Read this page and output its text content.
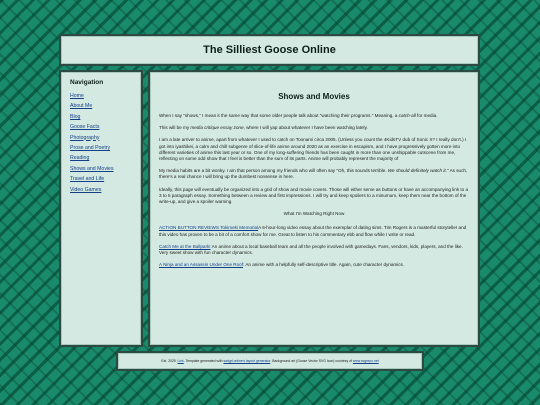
The Silliest Goose Online
Navigation
Home
About Me
Blog
Goose Facts
Photography
Prose and Poetry
Reading
Shows and Movies
Travel and Life
Video Games
Shows and Movies

When I say "shows," I mean it the same way that some older people talk about "watching their programs." Meaning, a catch-all for media.

This will be my media critique essay zone, where I will yap about whatever I have been watching lately.

I am a late arriver to anime, apart from whatever I used to catch on Toonami circa 2005. (Unless you count the 4KidsTV dub of Sonic X? I really don't.) I got into iyashikei, a calm and chill subgenre of slice-of-life anime around 2020 as an exercise in escapism, and I have progressively gotten more into different varieties of anime this last year or so. One of my long-suffering friends has been caught in more than one unshippable cutscene from me, reflecting on some odd show that I feel is better than the sum of its parts. Anime will probably represent the majority of

My media habits are a bit wonky. I am that person among my friends who will often say "Oh, this sounds terrible. We should definitely watch it." As such, there's a real chance I will bring up the dumbest nonsense in here.

Ideally, this page will eventually be organized into a grid of show and movie covers. Those will either serve as buttons or have an accompanying link to a 3 to 5 paragraph essay. Something between a review and first impressions. I will try and keep spoilers to a minumum, keep them near the bottom of the write-up, and give a spoiler warning.

What I'm Watching Right Now

ACTION BUTTON REVIEWS Tokimeki MemorialA 6-hour-long video essay about the exemplar of dating sims. Tim Rogers is a masterful storyteller and this video has proven to be a bit of a comfort show for me. Great to listen to his commentary ebb and flow while I write or read.

Catch Me at the Ballpark! An anime about a local baseball team and all the people involved with gamedays. Fans, vendors, kids, players, and the like. Very sweet show with fun character dynamics.

A Ninja and an Assassin Under One Roof: An anime with a helpfully self-descriptive title. Again, cute character dynamics.

Est. 2025. Link. Template generated with sadgrl.online's layout generator. Background art (Goose Vector SVG Icon) courtesy of www.svgrepo.net
